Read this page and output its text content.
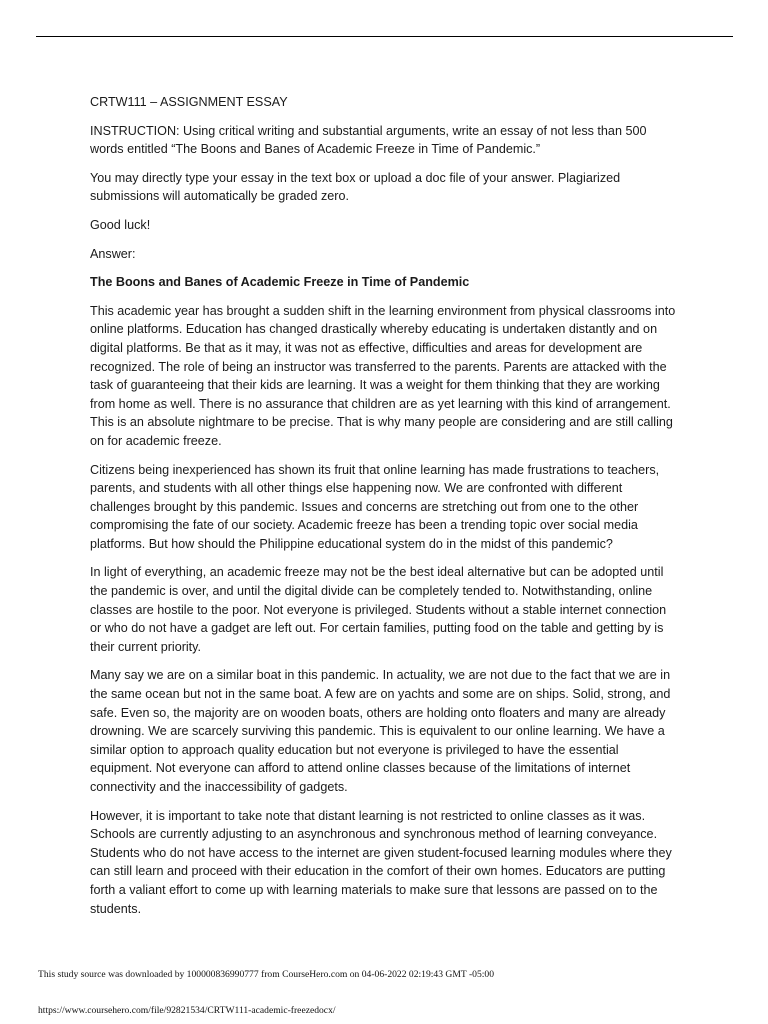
CRTW111 – ASSIGNMENT ESSAY

INSTRUCTION: Using critical writing and substantial arguments, write an essay of not less than 500 words entitled “The Boons and Banes of Academic Freeze in Time of Pandemic.”

You may directly type your essay in the text box or upload a doc file of your answer. Plagiarized submissions will automatically be graded zero.

Good luck!

Answer:

The Boons and Banes of Academic Freeze in Time of Pandemic

This academic year has brought a sudden shift in the learning environment from physical classrooms into online platforms. Education has changed drastically whereby educating is undertaken distantly and on digital platforms. Be that as it may, it was not as effective, difficulties and areas for development are recognized. The role of being an instructor was transferred to the parents. Parents are attacked with the task of guaranteeing that their kids are learning. It was a weight for them thinking that they are working from home as well. There is no assurance that children are as yet learning with this kind of arrangement. This is an absolute nightmare to be precise. That is why many people are considering and are still calling on for academic freeze.

Citizens being inexperienced has shown its fruit that online learning has made frustrations to teachers, parents, and students with all other things else happening now. We are confronted with different challenges brought by this pandemic. Issues and concerns are stretching out from one to the other compromising the fate of our society. Academic freeze has been a trending topic over social media platforms. But how should the Philippine educational system do in the midst of this pandemic?

In light of everything, an academic freeze may not be the best ideal alternative but can be adopted until the pandemic is over, and until the digital divide can be completely tended to. Notwithstanding, online classes are hostile to the poor. Not everyone is privileged. Students without a stable internet connection or who do not have a gadget are left out. For certain families, putting food on the table and getting by is their current priority.

Many say we are on a similar boat in this pandemic. In actuality, we are not due to the fact that we are in the same ocean but not in the same boat. A few are on yachts and some are on ships. Solid, strong, and safe. Even so, the majority are on wooden boats, others are holding onto floaters and many are already drowning. We are scarcely surviving this pandemic. This is equivalent to our online learning. We have a similar option to approach quality education but not everyone is privileged to have the essential equipment. Not everyone can afford to attend online classes because of the limitations of internet connectivity and the inaccessibility of gadgets.

However, it is important to take note that distant learning is not restricted to online classes as it was. Schools are currently adjusting to an asynchronous and synchronous method of learning conveyance. Students who do not have access to the internet are given student-focused learning modules where they can still learn and proceed with their education in the comfort of their own homes. Educators are putting forth a valiant effort to come up with learning materials to make sure that lessons are passed on to the students.

This study source was downloaded by 100000836990777 from CourseHero.com on 04-06-2022 02:19:43 GMT -05:00
https://www.coursehero.com/file/92821534/CRTW111-academic-freezedocx/
